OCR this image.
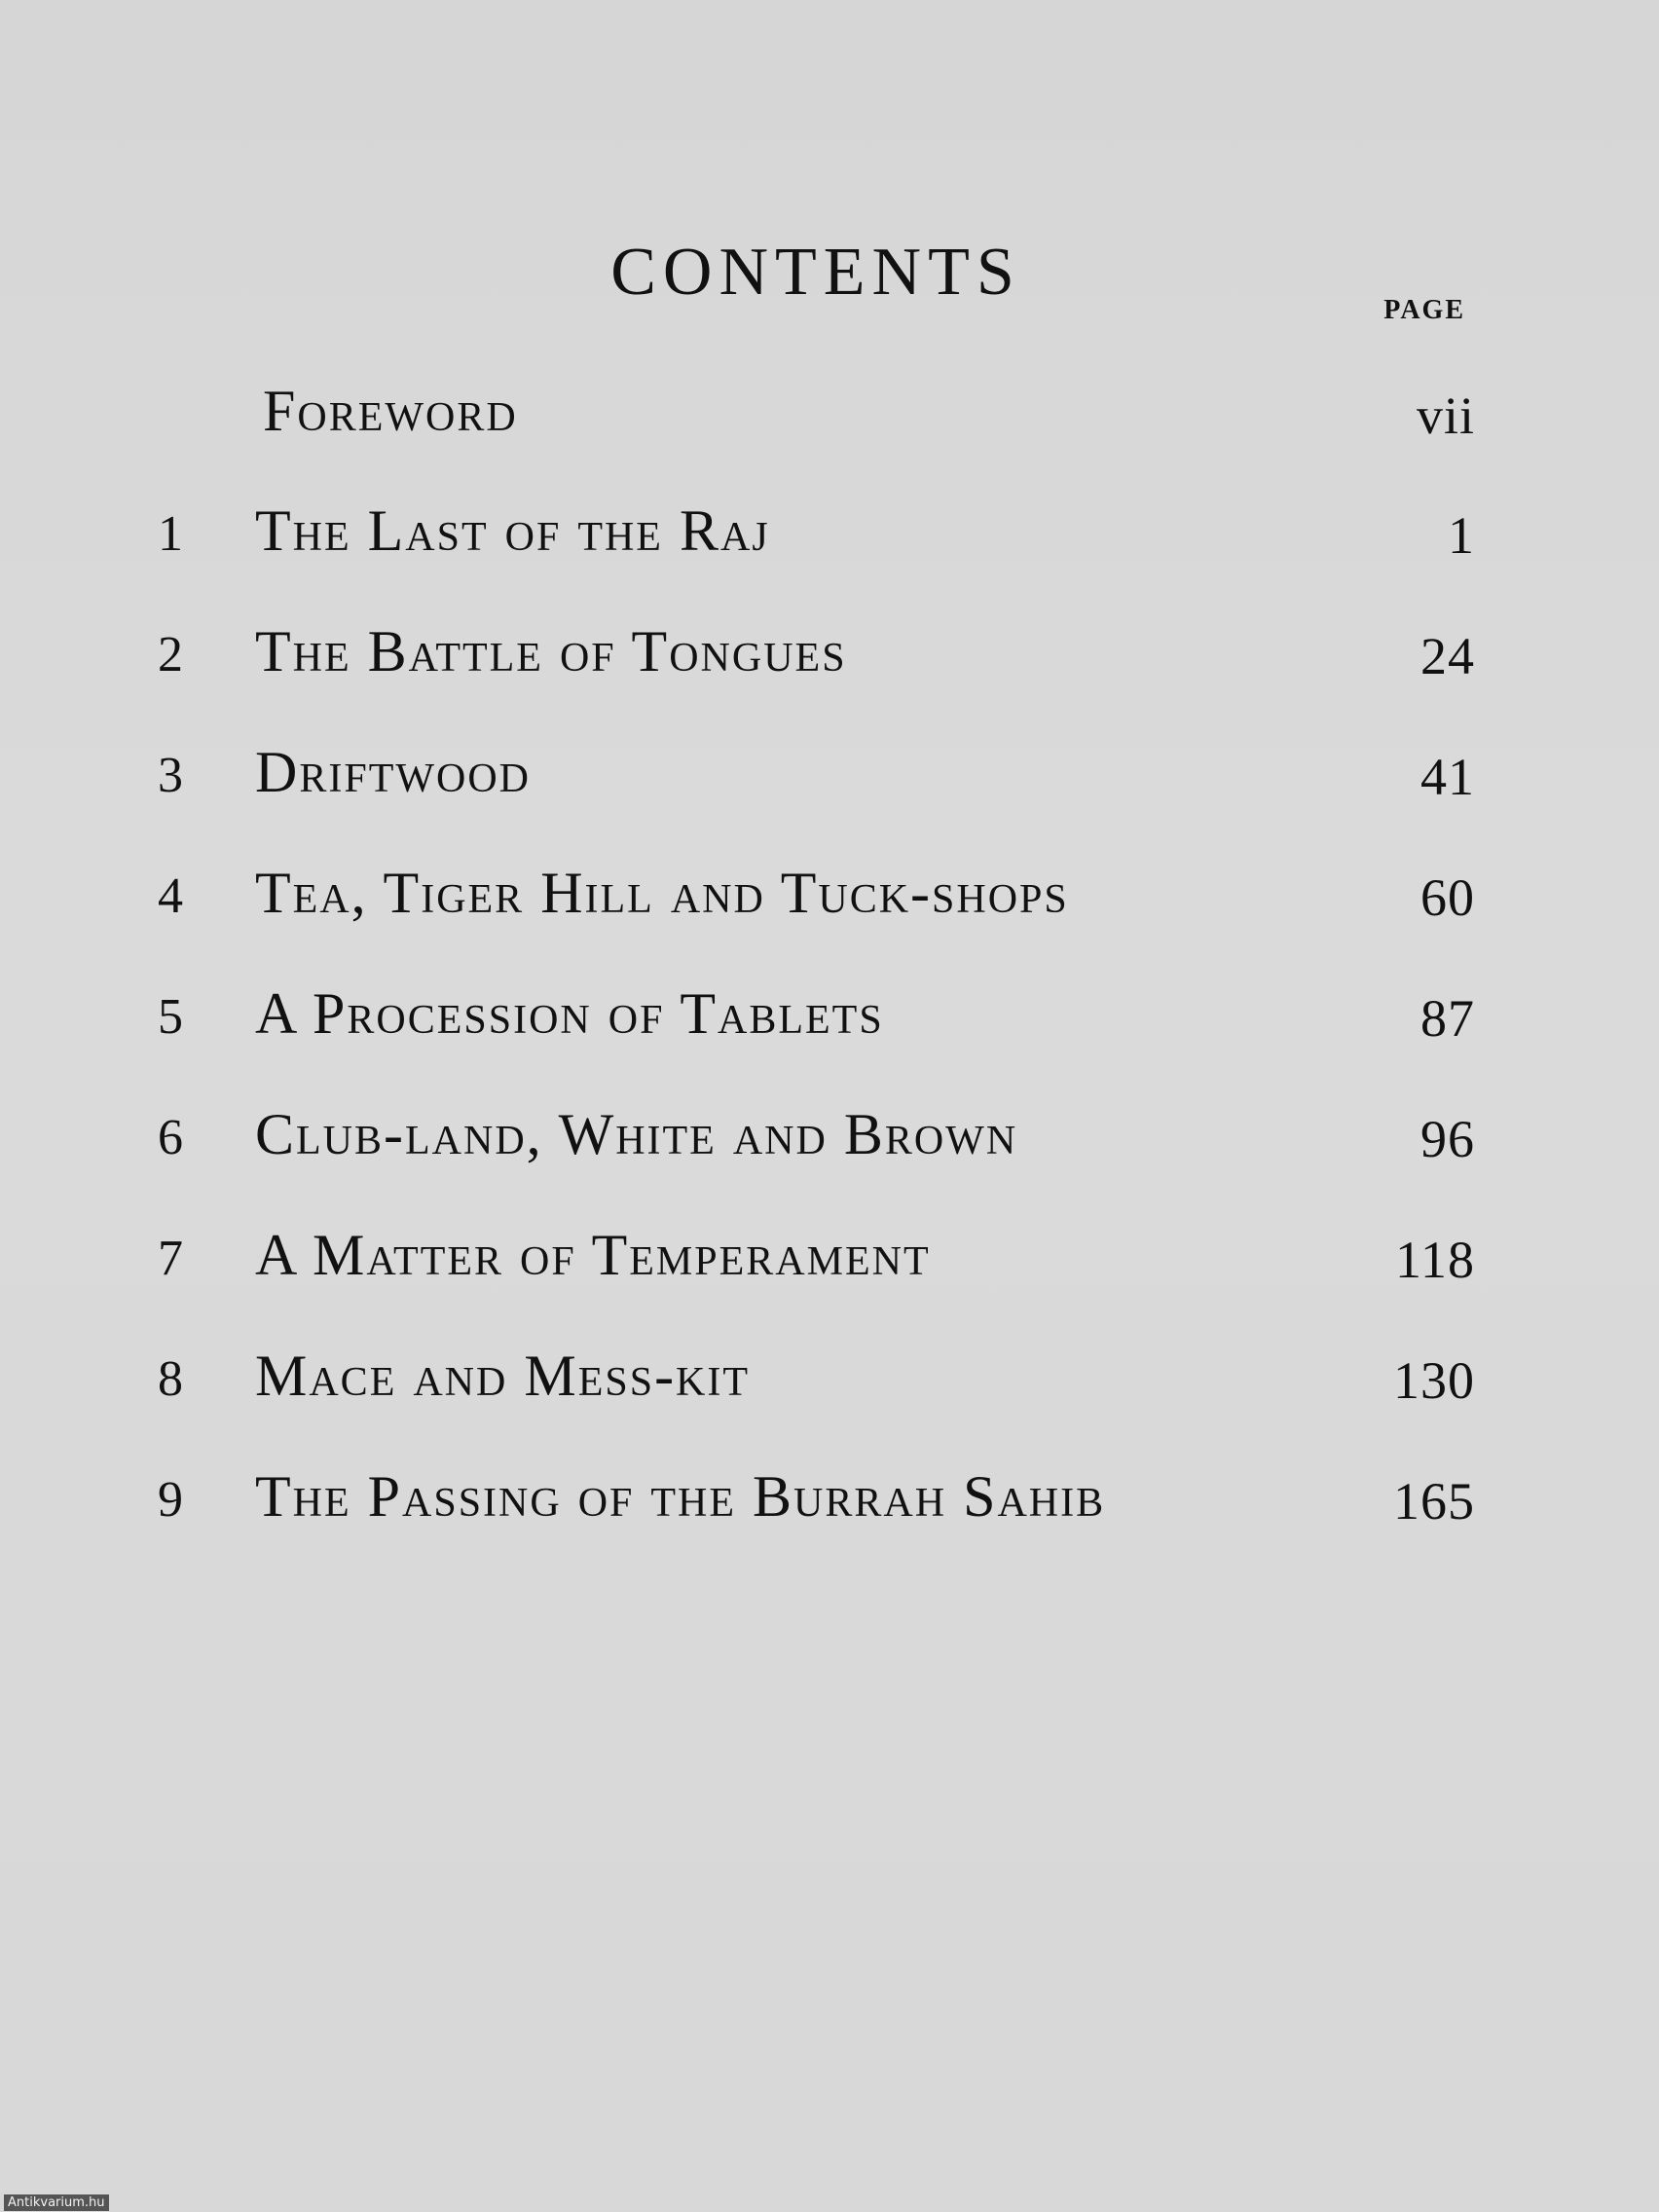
CONTENTS
PAGE
Foreword	vii
1	The Last of the Raj	1
2	The Battle of Tongues	24
3	Driftwood	41
4	Tea, Tiger Hill and Tuck-shops	60
5	A Procession of Tablets	87
6	Club-land, White and Brown	96
7	A Matter of Temperament	118
8	Mace and Mess-kit	130
9	The Passing of the Burrah Sahib	165
Antikvarium.hu
